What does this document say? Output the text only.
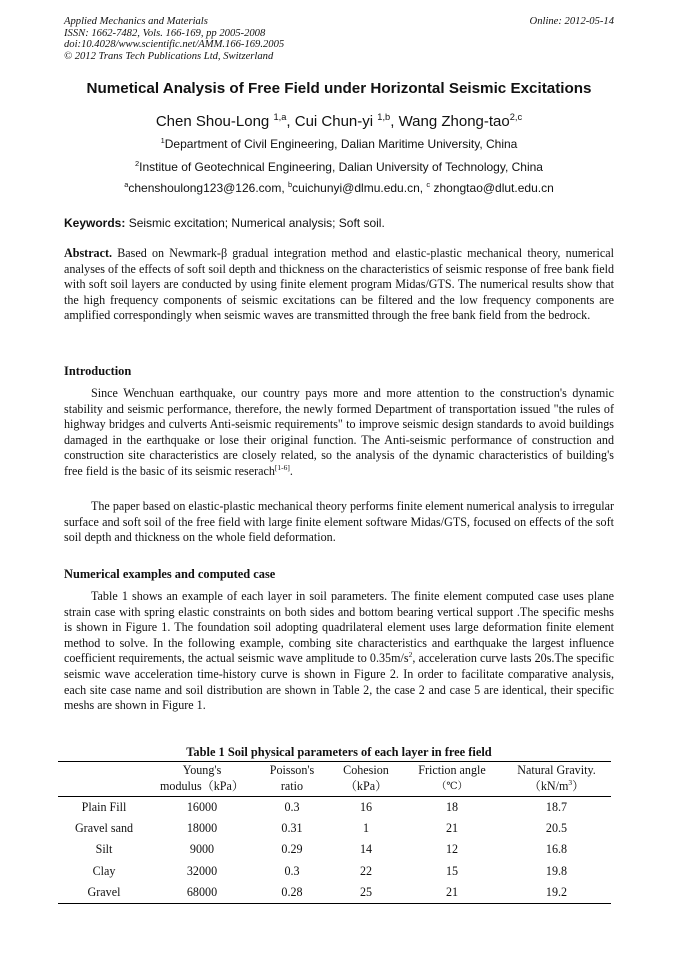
Applied Mechanics and Materials
ISSN: 1662-7482, Vols. 166-169, pp 2005-2008
doi:10.4028/www.scientific.net/AMM.166-169.2005
© 2012 Trans Tech Publications Ltd, Switzerland
Online: 2012-05-14
Numetical Analysis of Free Field under Horizontal Seismic Excitations
Chen Shou-Long $^{1,a}$, Cui Chun-yi $^{1,b}$, Wang Zhong-tao$^{2,c}$
$^1$Department of Civil Engineering, Dalian Maritime University, China
$^2$Institue of Geotechnical Engineering, Dalian University of Technology, China
$^a$chenshoulong123@126.com, $^b$cuichunyi@dlmu.edu.cn, $^c$ zhongtao@dlut.edu.cn
Keywords: Seismic excitation; Numerical analysis; Soft soil.

Abstract. Based on Newmark-β gradual integration method and elastic-plastic mechanical theory, numerical analyses of the effects of soft soil depth and thickness on the characteristics of seismic response of free bank field with soft soil layers are conducted by using finite element program Midas/GTS. The numerical results show that the high frequency components of seismic excitations can be filtered and the low frequency components are amplified correspondingly when seismic waves are transmitted through the free bank field from the bedrock.

Introduction

Since Wenchuan earthquake, our country pays more and more attention to the construction's dynamic stability and seismic performance, therefore, the newly formed Department of transportation issued "the rules of highway bridges and culverts Anti-seismic requirements" to improve seismic design standards to avoid buildings damaged in the earthquake or lose their original function. The Anti-seismic performance of construction and construction site characteristics are closely related, so the analysis of the dynamic characteristics of building's free field is the basic of its seismic reserach[1-6].

The paper based on elastic-plastic mechanical theory performs finite element numerical analysis to irregular surface and soft soil of the free field with large finite element software Midas/GTS, focused on effects of the soft soil depth and thickness on the whole field deformation.

Numerical examples and computed case

Table 1 shows an example of each layer in soil parameters. The finite element computed case uses plane strain case with spring elastic constraints on both sides and bottom bearing vertical support .The specific meshs is shown in Figure 1. The foundation soil adopting quadrilateral element uses large deformation finite element method to solve. In the following example, combing site characteristics and earthquake the largest influence coefficient requirements, the actual seismic wave amplitude to $0.35m/s^2$, acceleration curve lasts 20s.The specific seismic wave acceleration time-history curve is shown in Figure 2. In order to facilitate comparative analysis, each site case name and soil distribution are shown in Table 2, the case 2 and case 5 are identical, their specific meshs are shown in Figure 1.

Table 1 Soil physical parameters of each layer in free field

	Young's
modulus（kPa）	Poisson's
ratio	Cohesion
（kPa）	Friction angle
（℃）	Natural Gravity.
$(kN/m^3)$

Plain Fill	16000	0.3	16	18	18.7
Gravel sand	18000	0.31	1	21	20.5
Silt	9000	0.29	14	12	16.8
Clay	32000	0.3	22	15	19.8
Gravel	68000	0.28	25	21	19.2
